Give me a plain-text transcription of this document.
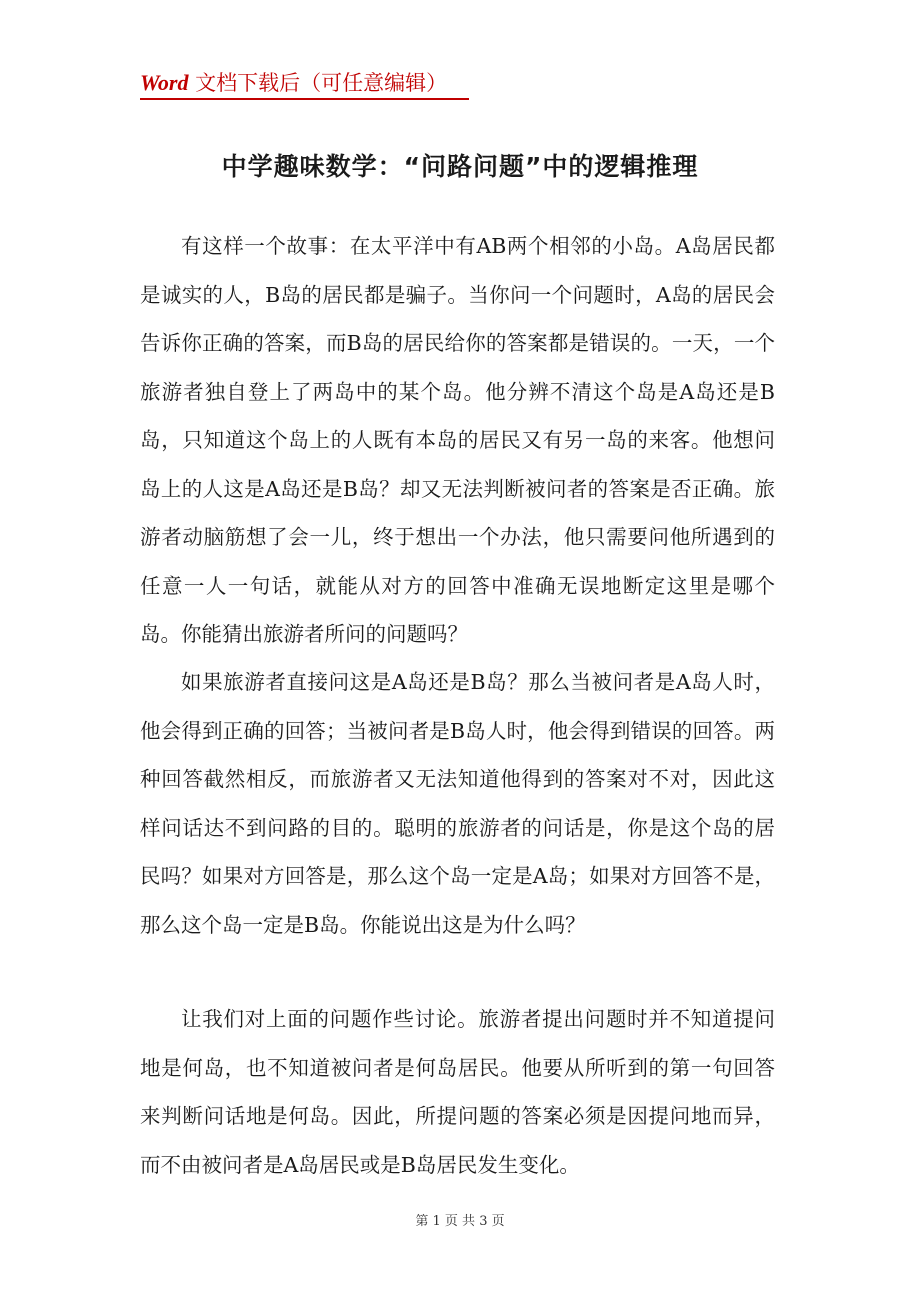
Word 文档下载后（可任意编辑）
中学趣味数学：“问路问题”中的逻辑推理

有这样一个故事：在太平洋中有AB两个相邻的小岛。A岛居民都是诚实的人，B岛的居民都是骗子。当你问一个问题时，A岛的居民会告诉你正确的答案，而B岛的居民给你的答案都是错误的。一天，一个旅游者独自登上了两岛中的某个岛。他分辨不清这个岛是A岛还是B岛，只知道这个岛上的人既有本岛的居民又有另一岛的来客。他想问岛上的人这是A岛还是B岛？却又无法判断被问者的答案是否正确。旅游者动脑筋想了会一儿，终于想出一个办法，他只需要问他所遇到的任意一人一句话，就能从对方的回答中准确无误地断定这里是哪个岛。你能猜出旅游者所问的问题吗？

如果旅游者直接问这是A岛还是B岛？那么当被问者是A岛人时，他会得到正确的回答；当被问者是B岛人时，他会得到错误的回答。两种回答截然相反，而旅游者又无法知道他得到的答案对不对，因此这样问话达不到问路的目的。聪明的旅游者的问话是，你是这个岛的居民吗？如果对方回答是，那么这个岛一定是A岛；如果对方回答不是，那么这个岛一定是B岛。你能说出这是为什么吗？

让我们对上面的问题作些讨论。旅游者提出问题时并不知道提问地是何岛，也不知道被问者是何岛居民。他要从所听到的第一句回答来判断问话地是何岛。因此，所提问题的答案必须是因提问地而异，而不由被问者是A岛居民或是B岛居民发生变化。

第 1 页 共 3 页
